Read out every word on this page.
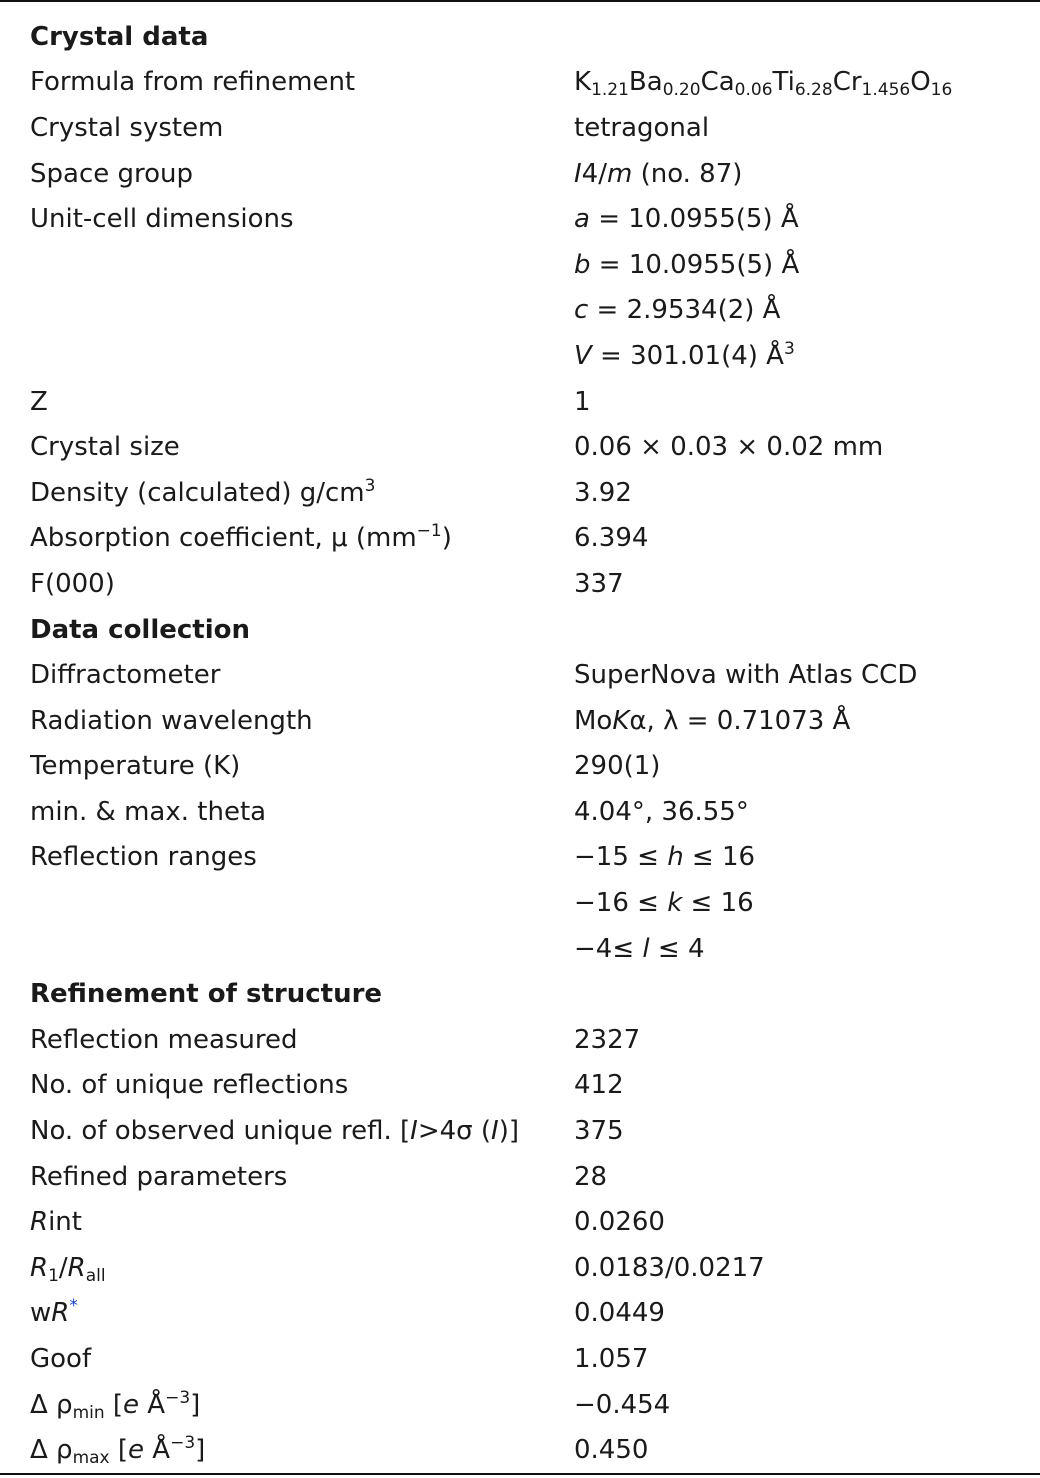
Crystal data	
Formula from refinement	$K_{1.21}Ba_{0.20}Ca_{0.06}Ti_{6.28}Cr_{1.456}O_{16}$
Crystal system	tetragonal
Space group	I4/m (no. 87)
Unit-cell dimensions	a = 10.0955(5) Å
	b = 10.0955(5) Å
	c = 2.9534(2) Å
	V = 301.01(4) $Å^3$
Z	1
Crystal size	0.06 × 0.03 × 0.02 mm
Density (calculated) $g/cm^3$	3.92
Absorption coefficient, μ $(mm^{-1})$	6.394
F(000)	337
Data collection	
Diffractometer	SuperNova with Atlas CCD
Radiation wavelength	MoKα, λ = 0.71073 Å
Temperature (K)	290(1)
min. & max. theta	4.04°, 36.55°
Reflection ranges	−15 ≤ h ≤ 16
	−16 ≤ k ≤ 16
	−4≤ l ≤ 4
Refinement of structure	
Reflection measured	2327
No. of unique reflections	412
No. of observed unique refl. [I>4σ (I)]	375
Refined parameters	28
Rint	0.0260
$R_1/R_{all}$	0.0183/0.0217
wR*	0.0449
Goof	1.057
Δ $\rho_{min}$ [e $Å^{-3}$]	−0.454
Δ $\rho_{max}$ [e $Å^{-3}$]	0.450
